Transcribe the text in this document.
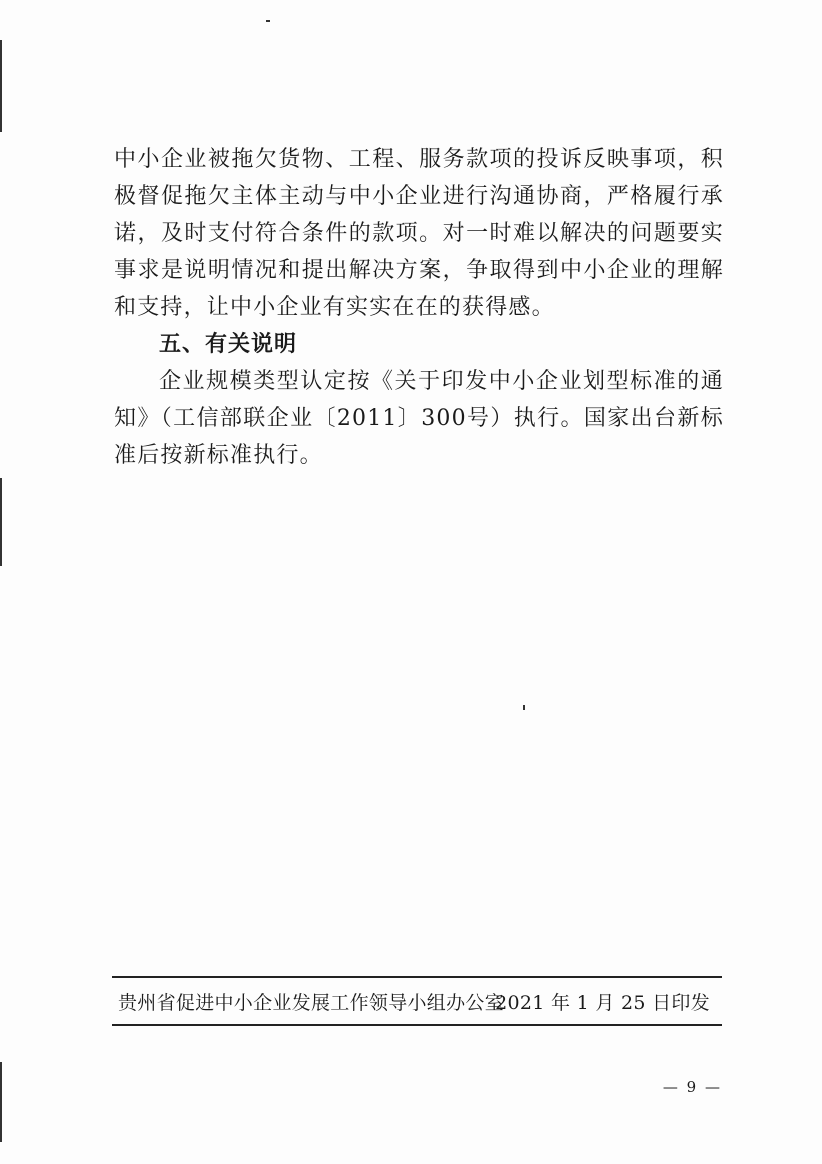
中小企业被拖欠货物、工程、服务款项的投诉反映事项，积极督促拖欠主体主动与中小企业进行沟通协商，严格履行承诺，及时支付符合条件的款项。对一时难以解决的问题要实事求是说明情况和提出解决方案，争取得到中小企业的理解和支持，让中小企业有实实在在的获得感。

五、有关说明

企业规模类型认定按《关于印发中小企业划型标准的通知》（工信部联企业〔2011〕300号）执行。国家出台新标准后按新标准执行。

贵州省促进中小企业发展工作领导小组办公室
2021 年 1 月 25 日印发
— 9 —
